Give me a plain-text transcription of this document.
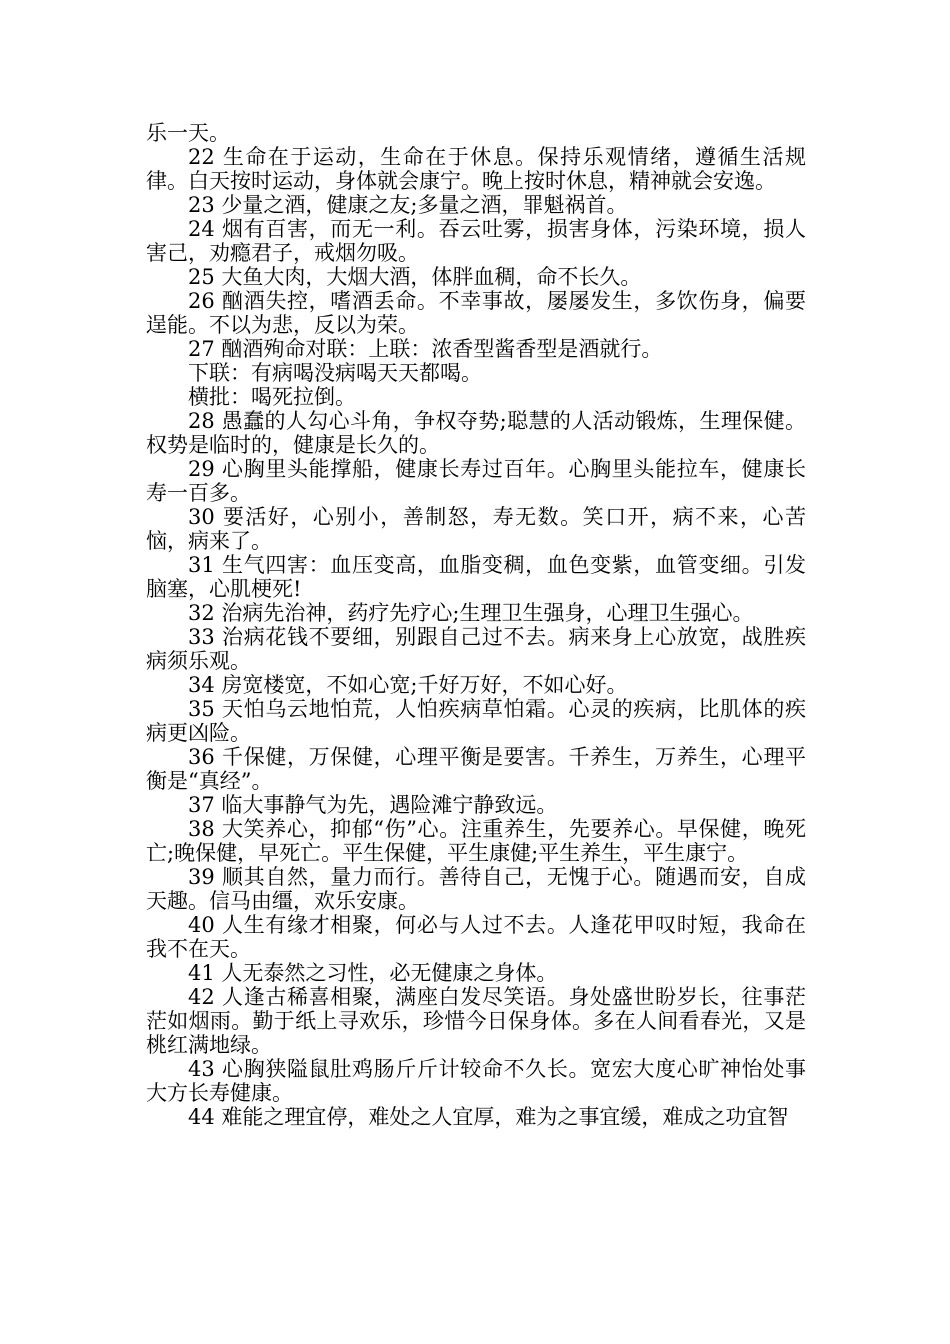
乐一天。

22 生命在于运动，生命在于休息。保持乐观情绪，遵循生活规律。白天按时运动，身体就会康宁。晚上按时休息，精神就会安逸。

23 少量之酒，健康之友;多量之酒，罪魁祸首。

24 烟有百害，而无一利。吞云吐雾，损害身体，污染环境，损人害己，劝瘾君子，戒烟勿吸。

25 大鱼大肉，大烟大酒，体胖血稠，命不长久。

26 酗酒失控，嗜酒丢命。不幸事故，屡屡发生，多饮伤身，偏要逞能。不以为悲，反以为荣。

27 酗酒殉命对联：上联：浓香型酱香型是酒就行。

下联：有病喝没病喝天天都喝。

横批：喝死拉倒。

28 愚蠢的人勾心斗角，争权夺势;聪慧的人活动锻炼，生理保健。权势是临时的，健康是长久的。

29 心胸里头能撑船，健康长寿过百年。心胸里头能拉车，健康长寿一百多。

30 要活好，心别小，善制怒，寿无数。笑口开，病不来，心苦恼，病来了。

31 生气四害：血压变高，血脂变稠，血色变紫，血管变细。引发脑塞，心肌梗死!

32 治病先治神，药疗先疗心;生理卫生强身，心理卫生强心。

33 治病花钱不要细，别跟自己过不去。病来身上心放宽，战胜疾病须乐观。

34 房宽楼宽，不如心宽;千好万好，不如心好。

35 天怕乌云地怕荒，人怕疾病草怕霜。心灵的疾病，比肌体的疾病更凶险。

36 千保健，万保健，心理平衡是要害。千养生，万养生，心理平衡是“真经”。

37 临大事静气为先，遇险滩宁静致远。

38 大笑养心，抑郁“伤”心。注重养生，先要养心。早保健，晚死亡;晚保健，早死亡。平生保健，平生康健;平生养生，平生康宁。

39 顺其自然，量力而行。善待自己，无愧于心。随遇而安，自成天趣。信马由缰，欢乐安康。

40 人生有缘才相聚，何必与人过不去。人逢花甲叹时短，我命在我不在天。

41 人无泰然之习性，必无健康之身体。

42 人逢古稀喜相聚，满座白发尽笑语。身处盛世盼岁长，往事茫茫如烟雨。勤于纸上寻欢乐，珍惜今日保身体。多在人间看春光，又是桃红满地绿。

43 心胸狭隘鼠肚鸡肠斤斤计较命不久长。宽宏大度心旷神怡处事大方长寿健康。

44 难能之理宜停，难处之人宜厚，难为之事宜缓，难成之功宜智
